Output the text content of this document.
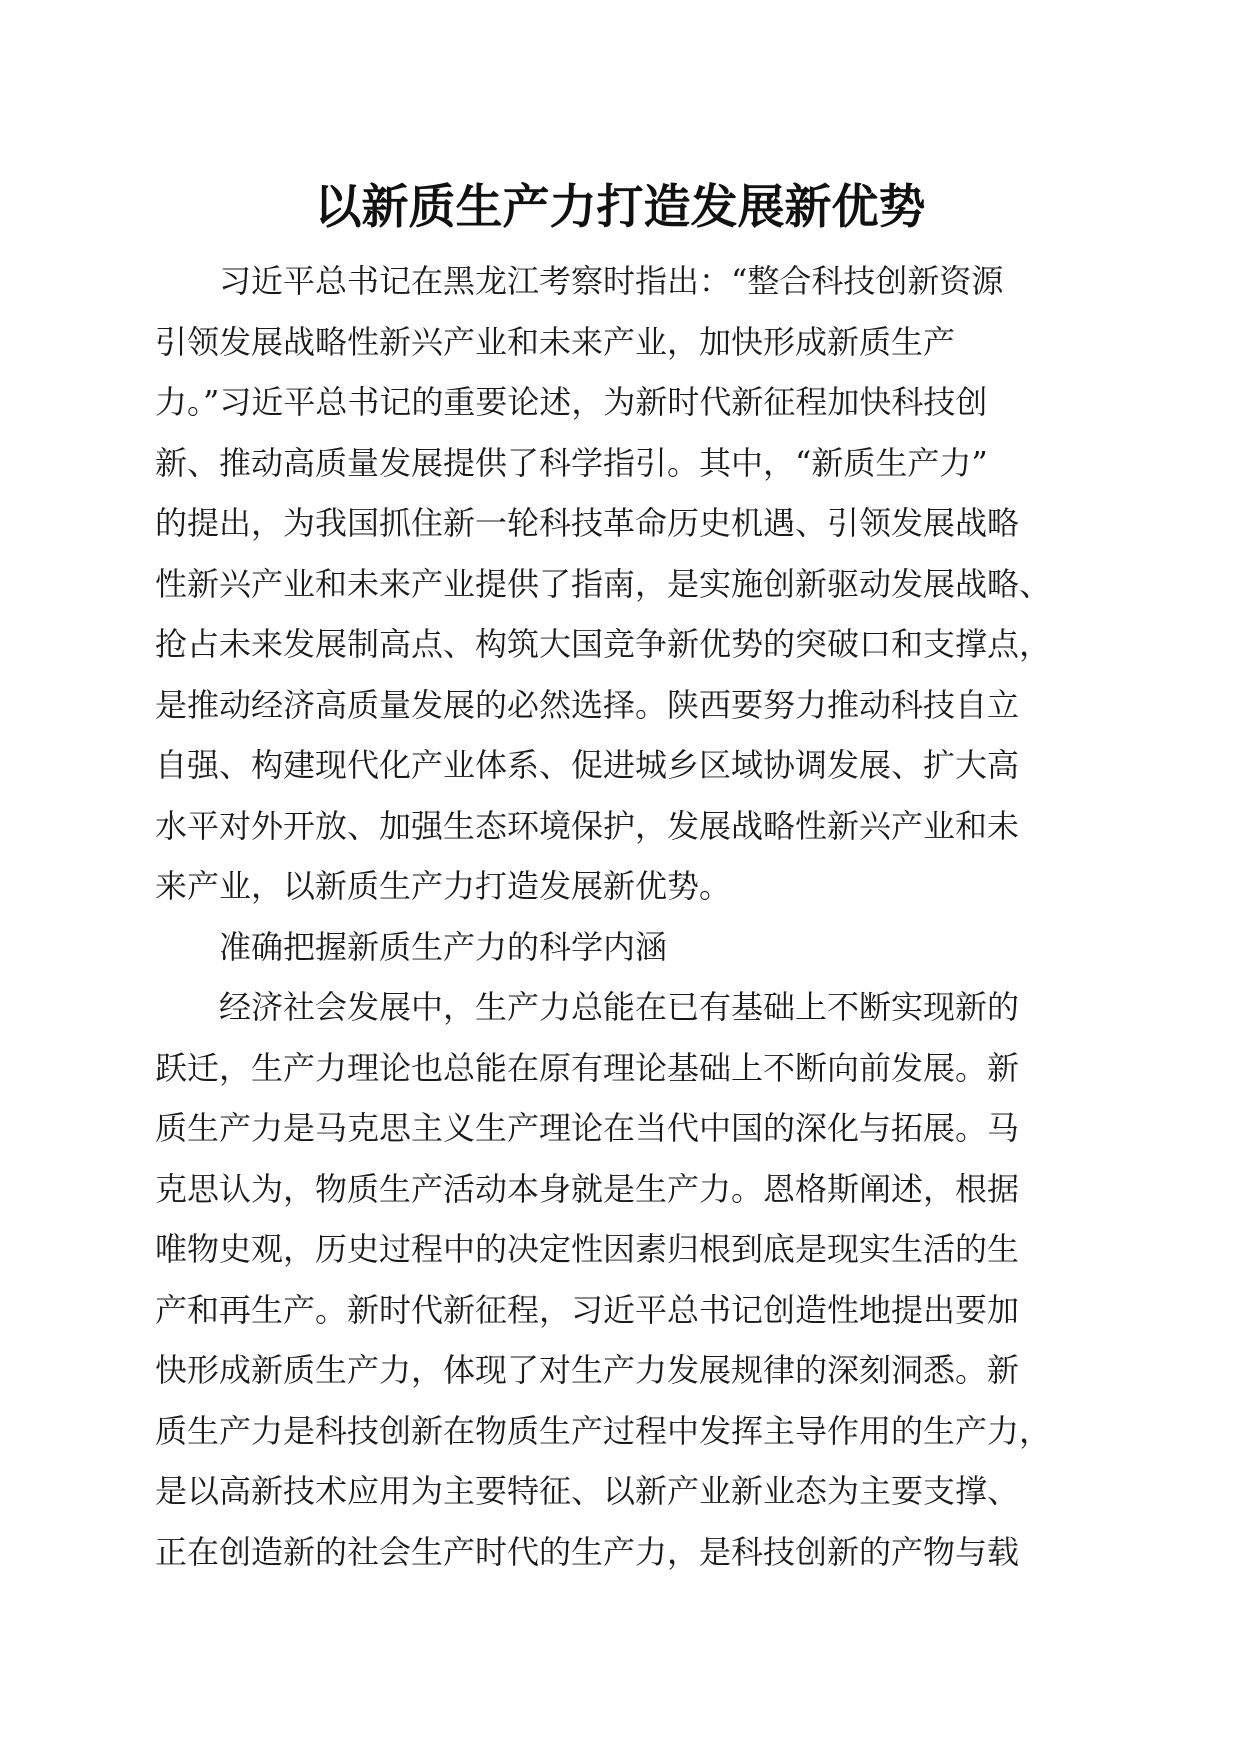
以新质生产力打造发展新优势

　　习近平总书记在黑龙江考察时指出：“整合科技创新资源

引领发展战略性新兴产业和未来产业，加快形成新质生产

力。”习近平总书记的重要论述，为新时代新征程加快科技创

新、推动高质量发展提供了科学指引。其中，“新质生产力”

的提出，为我国抓住新一轮科技革命历史机遇、引领发展战略

性新兴产业和未来产业提供了指南，是实施创新驱动发展战略、

抢占未来发展制高点、构筑大国竞争新优势的突破口和支撑点，

是推动经济高质量发展的必然选择。陕西要努力推动科技自立

自强、构建现代化产业体系、促进城乡区域协调发展、扩大高

水平对外开放、加强生态环境保护，发展战略性新兴产业和未

来产业，以新质生产力打造发展新优势。

　　准确把握新质生产力的科学内涵

　　经济社会发展中，生产力总能在已有基础上不断实现新的

跃迁，生产力理论也总能在原有理论基础上不断向前发展。新

质生产力是马克思主义生产理论在当代中国的深化与拓展。马

克思认为，物质生产活动本身就是生产力。恩格斯阐述，根据

唯物史观，历史过程中的决定性因素归根到底是现实生活的生

产和再生产。新时代新征程，习近平总书记创造性地提出要加

快形成新质生产力，体现了对生产力发展规律的深刻洞悉。新

质生产力是科技创新在物质生产过程中发挥主导作用的生产力，

是以高新技术应用为主要特征、以新产业新业态为主要支撑、

正在创造新的社会生产时代的生产力，是科技创新的产物与载
